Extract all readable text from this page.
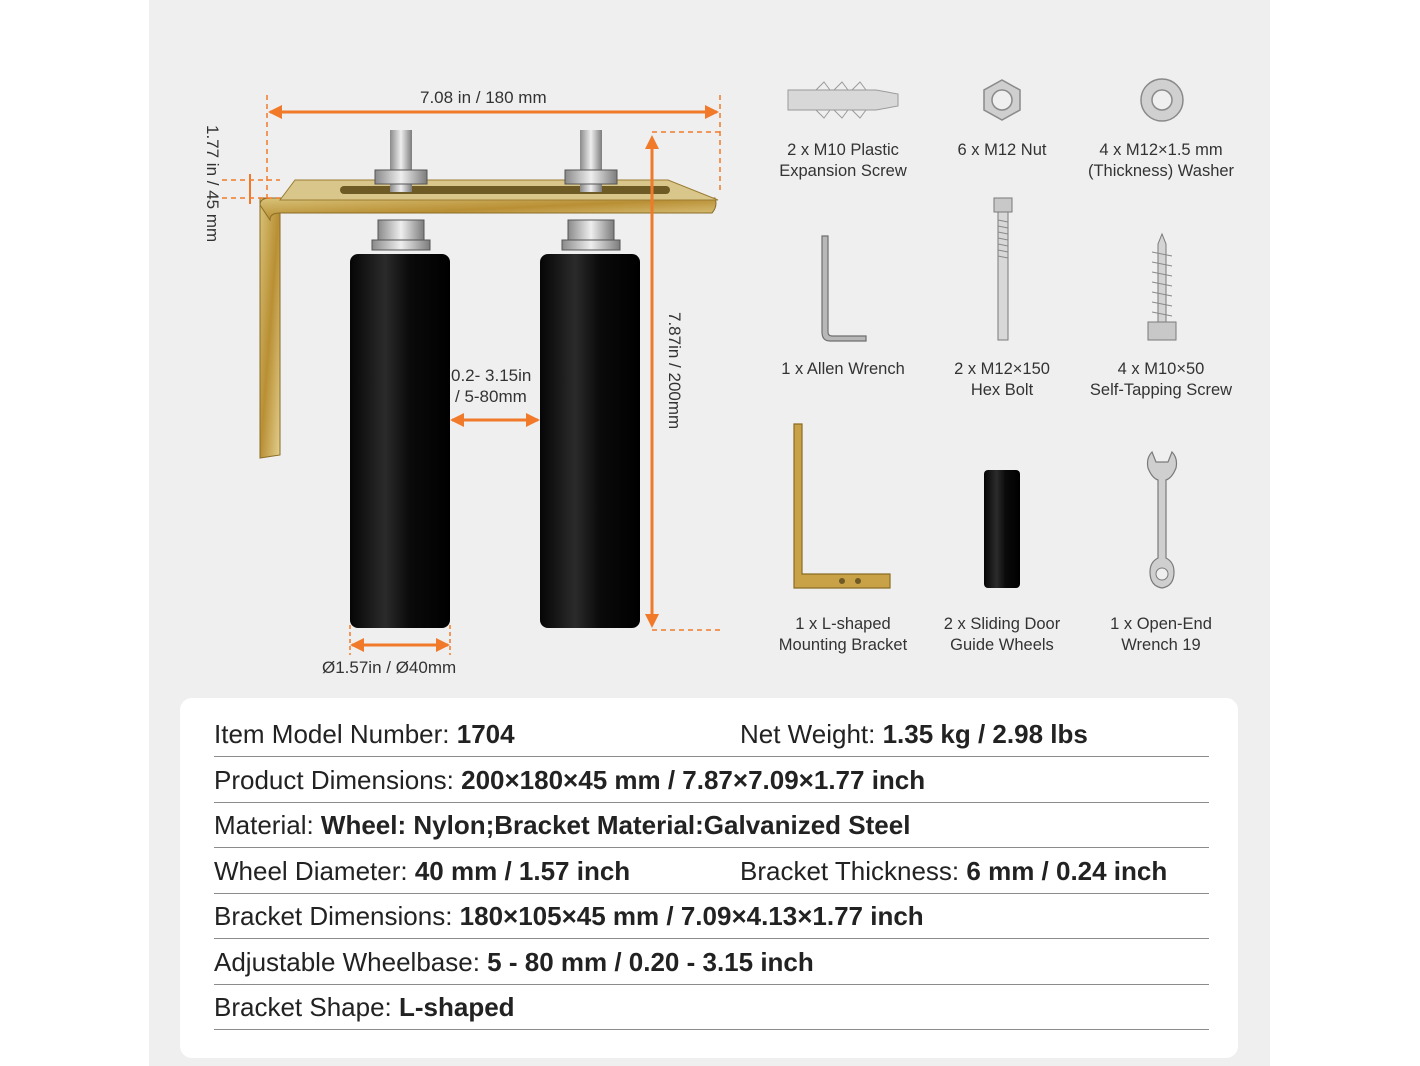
7.08 in / 180 mm
1.77 in / 45 mm
7.87in / 200mm
0.2- 3.15in
/ 5-80mm
Ø1.57in / Ø40mm
2 x M10 Plastic
Expansion Screw
6 x M12 Nut	4 x M12×1.5 mm
(Thickness) Washer
1 x Allen Wrench	2 x M12×150
Hex Bolt
4 x M10×50
Self-Tapping Screw
1 x L-shaped
Mounting Bracket
2 x Sliding Door
Guide Wheels
1 x Open-End
Wrench 19
Item Model Number: 1704	Net Weight: 1.35 kg / 2.98 lbs
Product Dimensions: 200×180×45 mm / 7.87×7.09×1.77 inch
Material: Wheel: Nylon;Bracket Material:Galvanized Steel
Wheel Diameter: 40 mm / 1.57 inch	Bracket Thickness: 6 mm / 0.24 inch
Bracket Dimensions: 180×105×45 mm / 7.09×4.13×1.77 inch
Adjustable Wheelbase: 5 - 80 mm / 0.20 - 3.15 inch
Bracket Shape: L-shaped
